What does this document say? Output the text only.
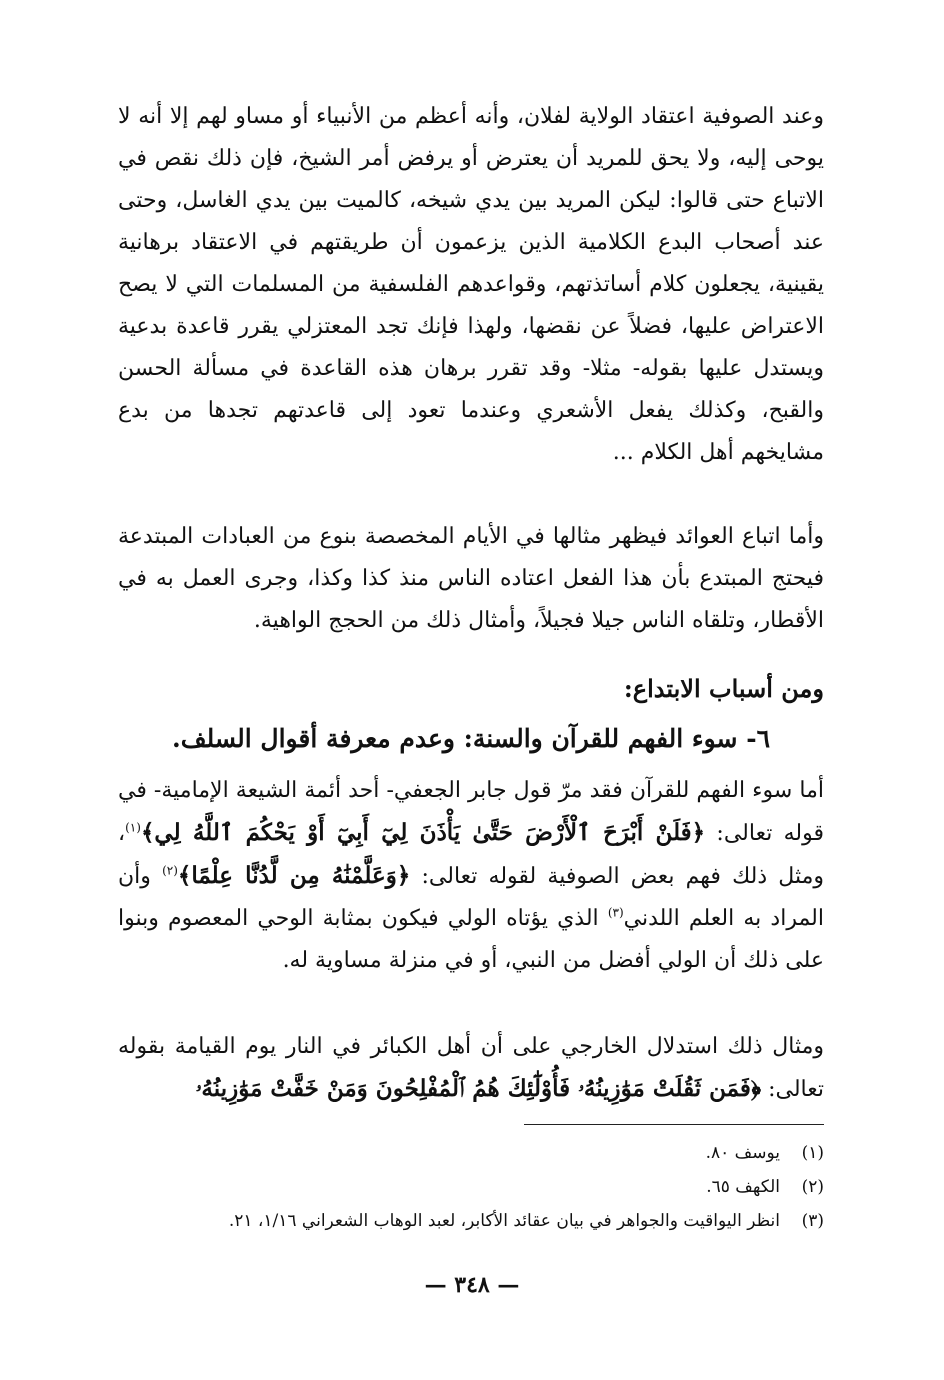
وعند الصوفية اعتقاد الولاية لفلان، وأنه أعظم من الأنبياء أو مساو لهم إلا أنه لا يوحى إليه، ولا يحق للمريد أن يعترض أو يرفض أمر الشيخ، فإن ذلك نقص في الاتباع حتى قالوا: ليكن المريد بين يدي شيخه، كالميت بين يدي الغاسل، وحتى عند أصحاب البدع الكلامية الذين يزعمون أن طريقتهم في الاعتقاد برهانية يقينية، يجعلون كلام أساتذتهم، وقواعدهم الفلسفية من المسلمات التي لا يصح الاعتراض عليها، فضلاً عن نقضها، ولهذا فإنك تجد المعتزلي يقرر قاعدة بدعية ويستدل عليها بقوله- مثلا- وقد تقرر برهان هذه القاعدة في مسألة الحسن والقبح، وكذلك يفعل الأشعري وعندما تعود إلى قاعدتهم تجدها من بدع مشايخهم أهل الكلام ...

وأما اتباع العوائد فيظهر مثالها في الأيام المخصصة بنوع من العبادات المبتدعة فيحتج المبتدع بأن هذا الفعل اعتاده الناس منذ كذا وكذا، وجرى العمل به في الأقطار، وتلقاه الناس جيلا فجيلاً، وأمثال ذلك من الحجج الواهية.

ومن أسباب الابتداع:
٦- سوء الفهم للقرآن والسنة: وعدم معرفة أقوال السلف.

أما سوء الفهم للقرآن فقد مرّ قول جابر الجعفي- أحد أئمة الشيعة الإمامية- في قوله تعالى: ﴿فَلَنْ أَبْرَحَ ٱلْأَرْضَ حَتَّىٰ يَأْذَنَ لِيٓ أَبِيٓ أَوْ يَحْكُمَ ٱللَّهُ لِي﴾$^{(١)}$، ومثل ذلك فهم بعض الصوفية لقوله تعالى: ﴿وَعَلَّمْنَٰهُ مِن لَّدُنَّا عِلْمًا﴾$^{(٢)}$ وأن المراد به العلم اللدني$^{(٣)}$ الذي يؤتاه الولي فيكون بمثابة الوحي المعصوم وبنوا على ذلك أن الولي أفضل من النبي، أو في منزلة مساوية له.

ومثال ذلك استدلال الخارجي على أن أهل الكبائر في النار يوم القيامة بقوله تعالى: ﴿فَمَن ثَقُلَتْ مَوَٰزِينُهُۥ فَأُوْلَٰٓئِكَ هُمُ ٱلْمُفْلِحُونَ وَمَنْ خَفَّتْ مَوَٰزِينُهُۥ

(١)يوسف ٨٠.
(٢)الكهف ٦٥.
(٣)انظر اليواقيت والجواهر في بيان عقائد الأكابر، لعبد الوهاب الشعراني ١/١٦، ٢١.
— ٣٤٨ —
